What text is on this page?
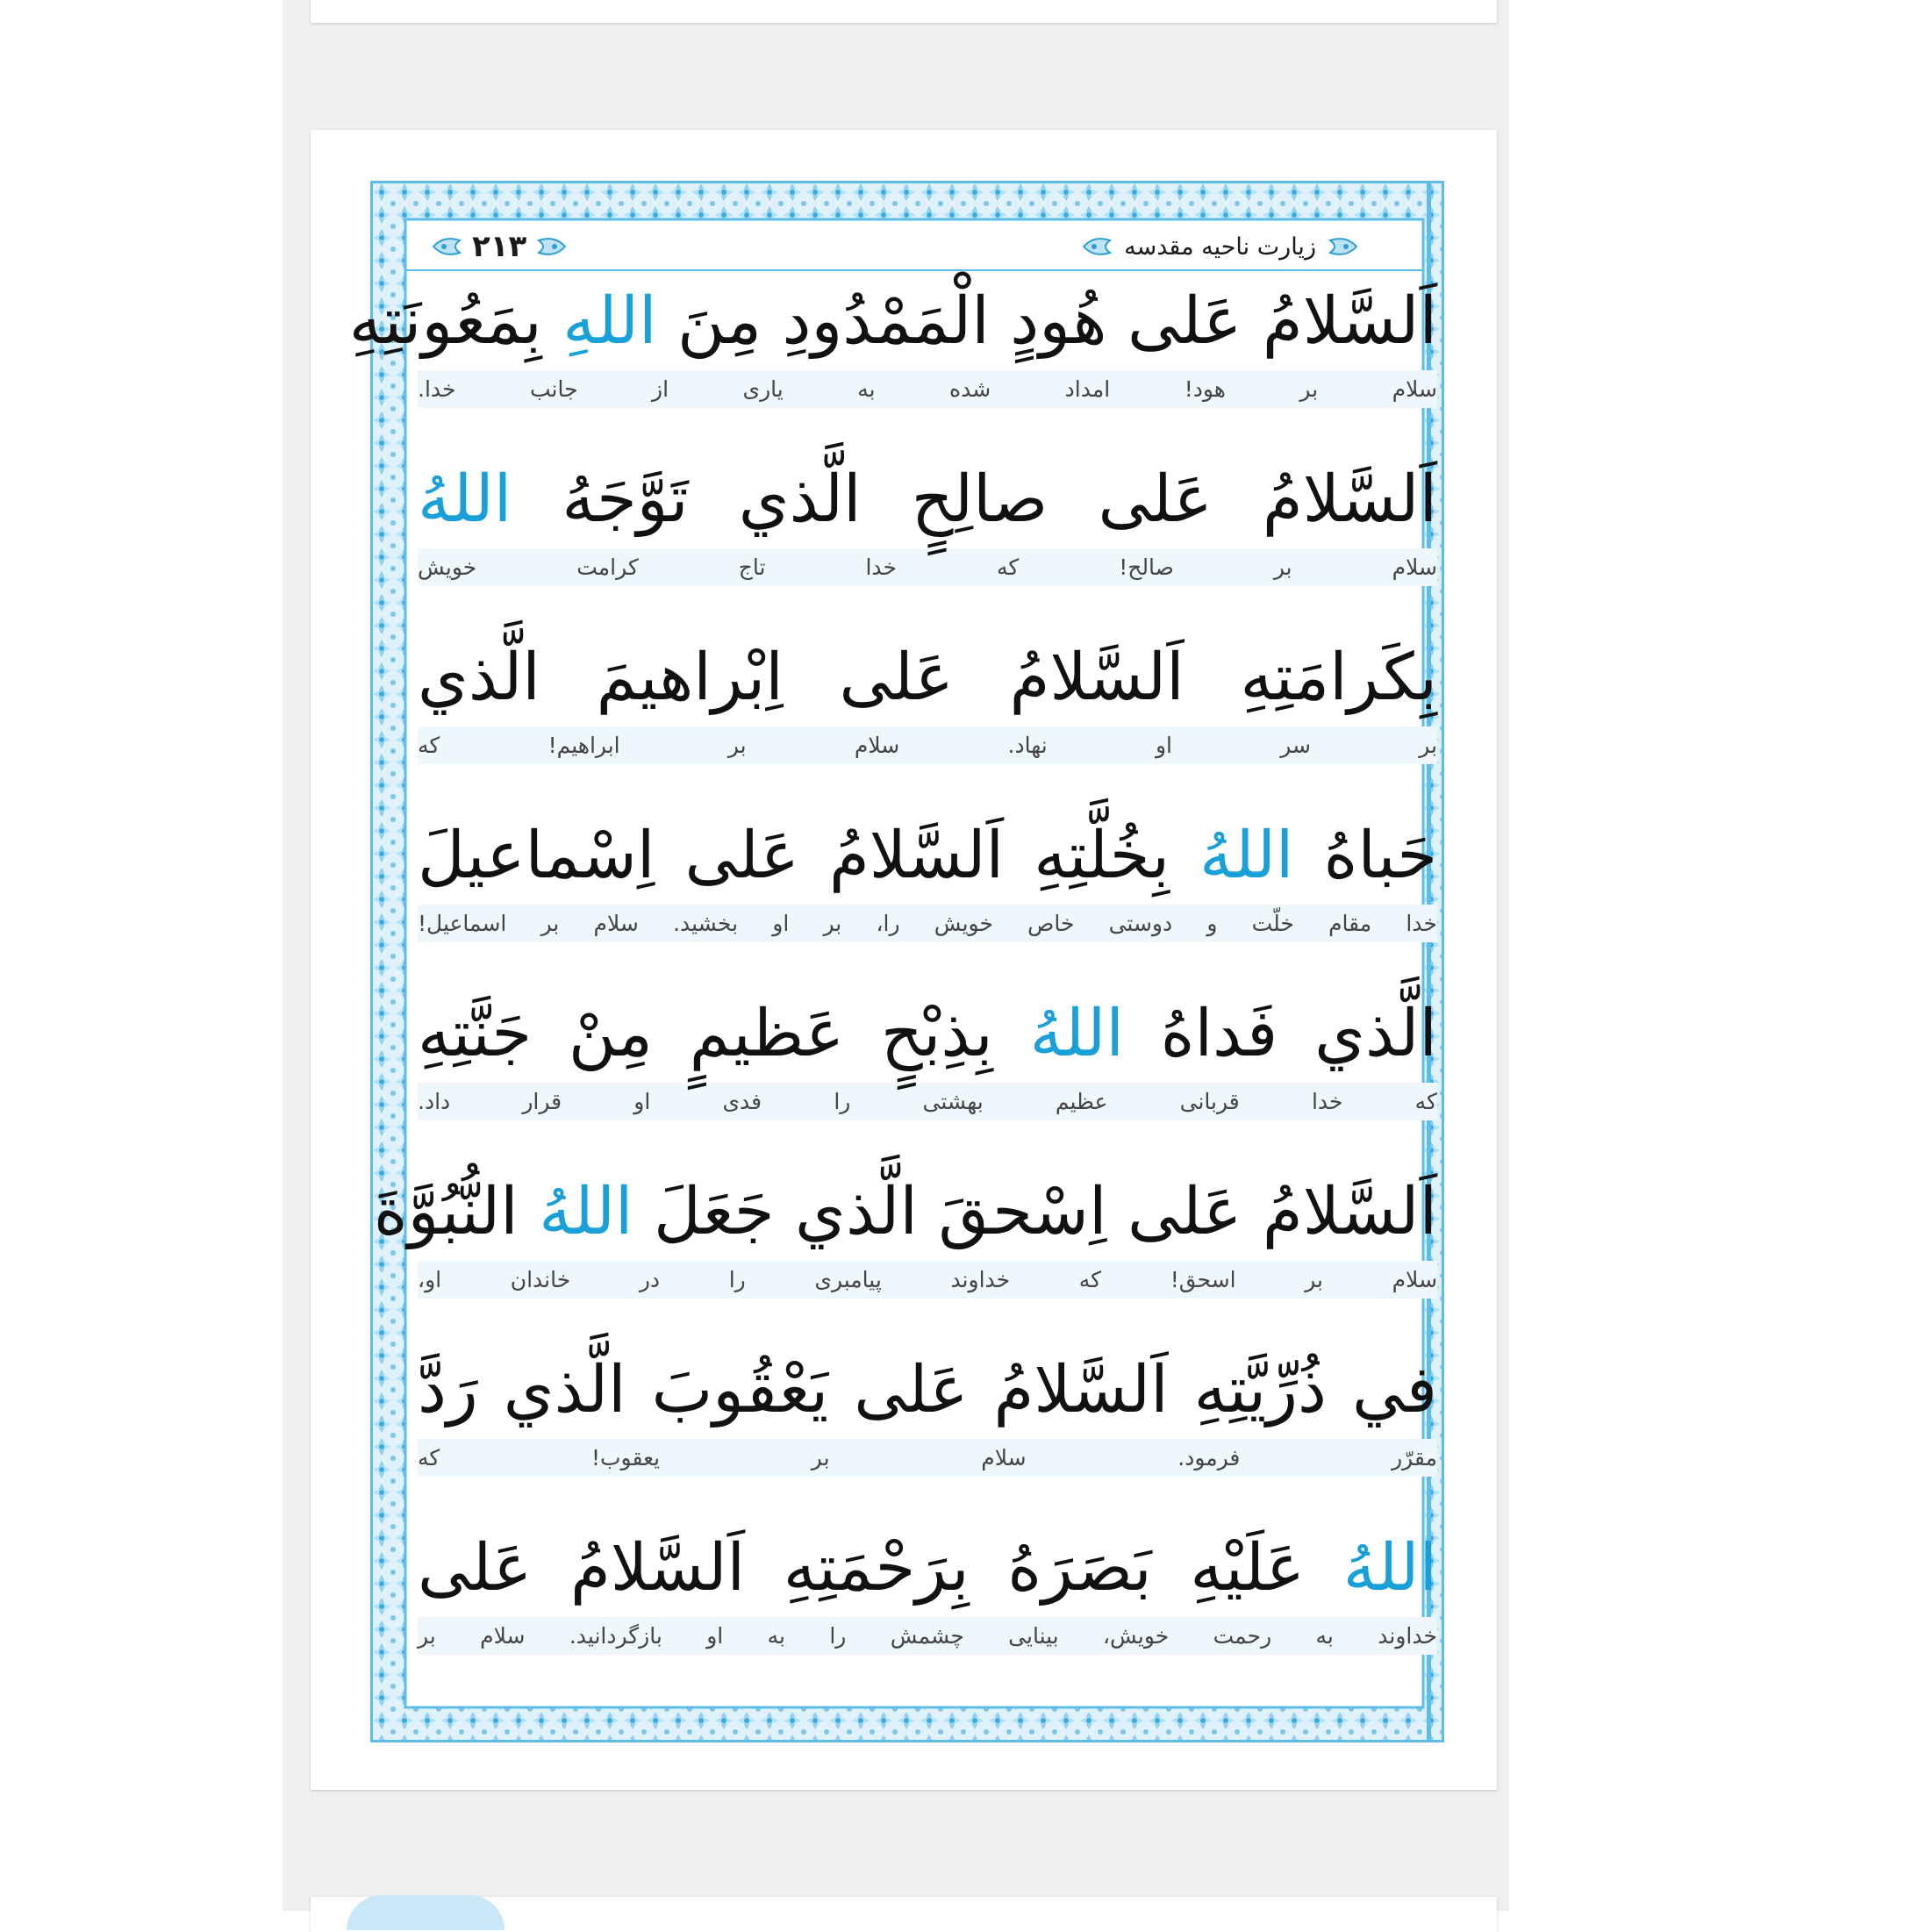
۲۱۳	زیارت ناحیه مقدسه
اَلسَّلامُ عَلى هُودٍ الْمَمْدُودِ مِنَ اللهِ بِمَعُونَتِهِ
سلام بر هود! امداد شده به یاری از جانب خدا.
اَلسَّلامُ عَلى صالِحٍ الَّذي تَوَّجَهُ اللهُ
سلام بر صالح! که خدا تاج کرامت خویش
بِكَرامَتِهِ اَلسَّلامُ عَلى اِبْراهيمَ الَّذي
بر سر او نهاد. سلام بر ابراهیم! که
حَباهُ اللهُ بِخُلَّتِهِ اَلسَّلامُ عَلى اِسْماعيلَ
خدا مقام خلّت و دوستی خاص خویش را، بر او بخشید. سلام بر اسماعیل!
الَّذي فَداهُ اللهُ بِذِبْحٍ عَظيمٍ مِنْ جَنَّتِهِ
که خدا قربانی عظیم بهشتی را فدی او قرار داد.
اَلسَّلامُ عَلى اِسْحقَ الَّذي جَعَلَ اللهُ النُّبُوَّةَ
سلام بر اسحق! که خداوند پیامبری را در خاندان او،
في ذُرِّيَّتِهِ اَلسَّلامُ عَلى يَعْقُوبَ الَّذي رَدَّ
مقرّر فرمود. سلام بر یعقوب! که
اللهُ عَلَيْهِ بَصَرَهُ بِرَحْمَتِهِ اَلسَّلامُ عَلى
خداوند به رحمت خویش، بینایی چشمش را به او بازگردانید. سلام بر
